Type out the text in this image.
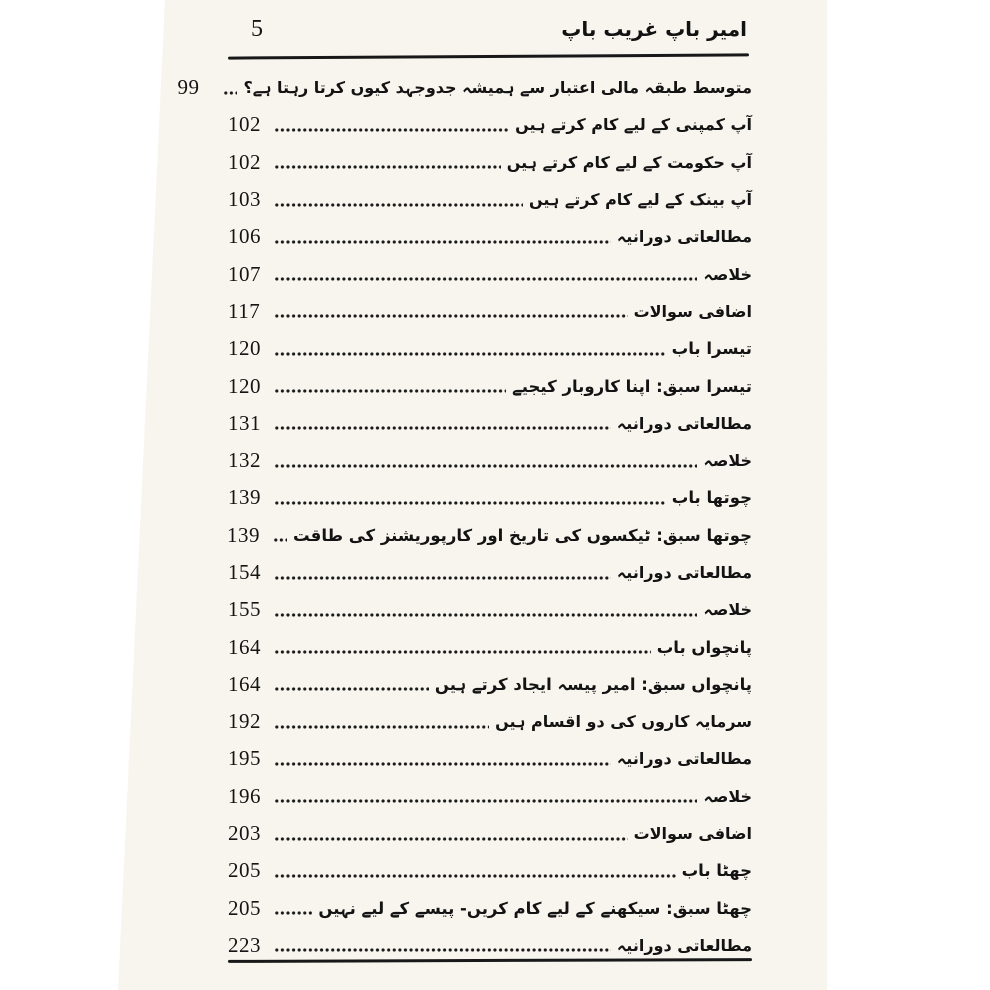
5	امیر باپ غریب باپ
متوسط طبقہ مالی اعتبار سے ہمیشہ جدوجہد کیوں کرتا رہتا ہے؟
99
آپ کمپنی کے لیے کام کرتے ہیں
102
آپ حکومت کے لیے کام کرتے ہیں
102
آپ بینک کے لیے کام کرتے ہیں
103
مطالعاتی دورانیہ
106
خلاصہ
107
اضافی سوالات
117
تیسرا باب
120
تیسرا سبق: اپنا کاروبار کیجیے
120
مطالعاتی دورانیہ
131
خلاصہ
132
چوتھا باب
139
چوتھا سبق: ٹیکسوں کی تاریخ اور کارپوریشنز کی طاقت
139
مطالعاتی دورانیہ
154
خلاصہ
155
پانچواں باب
164
پانچواں سبق: امیر پیسہ ایجاد کرتے ہیں
164
سرمایہ کاروں کی دو اقسام ہیں
192
مطالعاتی دورانیہ
195
خلاصہ
196
اضافی سوالات
203
چھٹا باب
205
چھٹا سبق: سیکھنے کے لیے کام کریں- پیسے کے لیے نہیں
205
مطالعاتی دورانیہ
223
